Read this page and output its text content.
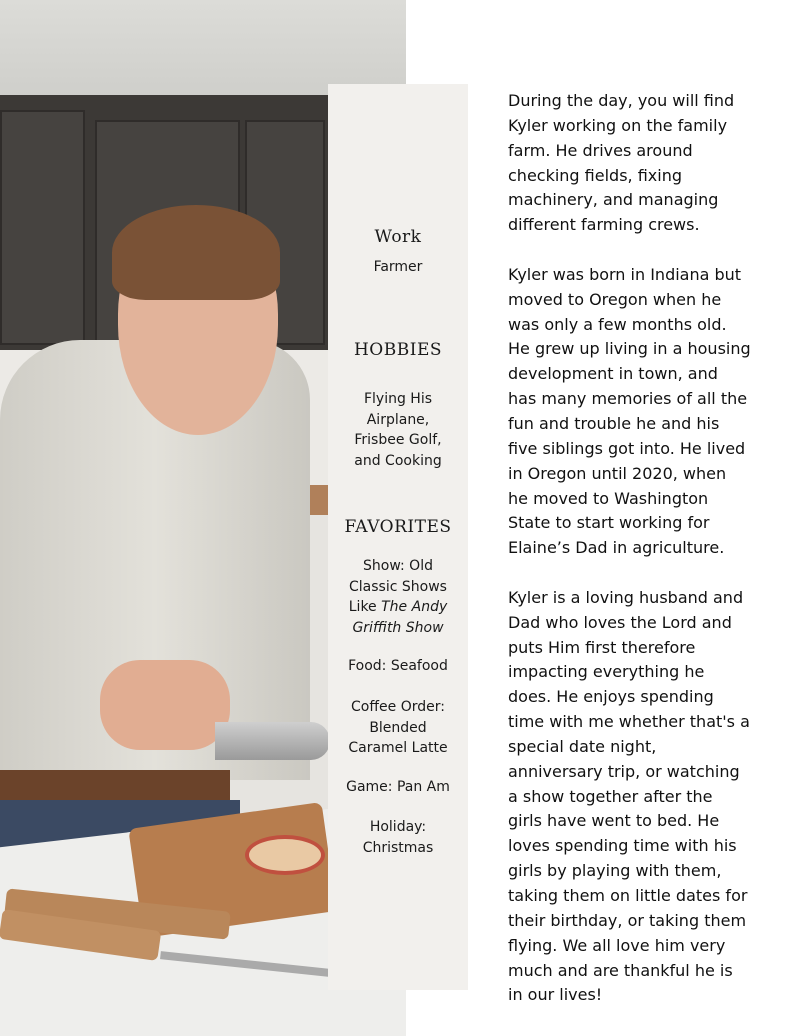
Work
Farmer
HOBBIES
Flying His
Airplane,
Frisbee Golf,
and Cooking
FAVORITES
Show: Old
Classic Shows
Like The Andy
Griffith Show
Food: Seafood
Coffee Order:
Blended
Caramel Latte
Game: Pan Am
Holiday:
Christmas

During the day, you will find
Kyler working on the family
farm. He drives around
checking fields, fixing
machinery, and managing
different farming crews.

Kyler was born in Indiana but
moved to Oregon when he
was only a few months old.
He grew up living in a housing
development in town, and
has many memories of all the
fun and trouble he and his
five siblings got into. He lived
in Oregon until 2020, when
he moved to Washington
State to start working for
Elaine’s Dad in agriculture.

Kyler is a loving husband and
Dad who loves the Lord and
puts Him first therefore
impacting everything he
does. He enjoys spending
time with me whether that's a
special date night,
anniversary trip, or watching
a show together after the
girls have went to bed. He
loves spending time with his
girls by playing with them,
taking them on little dates for
their birthday, or taking them
flying. We all love him very
much and are thankful he is
in our lives!
